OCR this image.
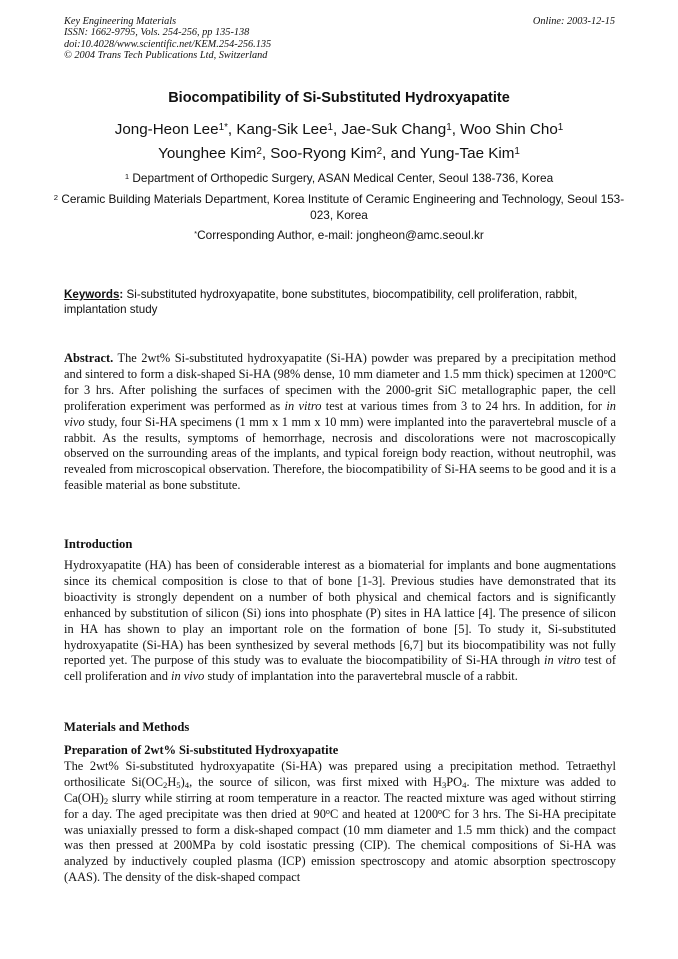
Key Engineering Materials
ISSN: 1662-9795, Vols. 254-256, pp 135-138
doi:10.4028/www.scientific.net/KEM.254-256.135
© 2004 Trans Tech Publications Ltd, Switzerland
Online: 2003-12-15
Biocompatibility of Si-Substituted Hydroxyapatite
Jong-Heon Lee$^{1*}$, Kang-Sik Lee$^1$, Jae-Suk Chang$^1$, Woo Shin Cho$^1$
Younghee Kim$^2$, Soo-Ryong Kim$^2$, and Yung-Tae Kim$^1$
$^1$ Department of Orthopedic Surgery, ASAN Medical Center, Seoul 138-736, Korea
$^2$ Ceramic Building Materials Department, Korea Institute of Ceramic Engineering and Technology, Seoul 153-023, Korea
*Corresponding Author, e-mail: jongheon@amc.seoul.kr
Keywords: Si-substituted hydroxyapatite, bone substitutes, biocompatibility, cell proliferation, rabbit, implantation study
Abstract. The 2wt% Si-substituted hydroxyapatite (Si-HA) powder was prepared by a precipitation method and sintered to form a disk-shaped Si-HA (98% dense, 10 mm diameter and 1.5 mm thick) specimen at 1200$^o$C for 3 hrs. After polishing the surfaces of specimen with the 2000-grit SiC metallographic paper, the cell proliferation experiment was performed as in vitro test at various times from 3 to 24 hrs. In addition, for in vivo study, four Si-HA specimens (1 mm x 1 mm x 10 mm) were implanted into the paravertebral muscle of a rabbit. As the results, symptoms of hemorrhage, necrosis and discolorations were not macroscopically observed on the surrounding areas of the implants, and typical foreign body reaction, without neutrophil, was revealed from microscopical observation. Therefore, the biocompatibility of Si-HA seems to be good and it is a feasible material as bone substitute.
Introduction
Hydroxyapatite (HA) has been of considerable interest as a biomaterial for implants and bone augmentations since its chemical composition is close to that of bone [1-3]. Previous studies have demonstrated that its bioactivity is strongly dependent on a number of both physical and chemical factors and is significantly enhanced by substitution of silicon (Si) ions into phosphate (P) sites in HA lattice [4]. The presence of silicon in HA has shown to play an important role on the formation of bone [5]. To study it, Si-substituted hydroxyapatite (Si-HA) has been synthesized by several methods [6,7] but its biocompatibility was not fully reported yet. The purpose of this study was to evaluate the biocompatibility of Si-HA through in vitro test of cell proliferation and in vivo study of implantation into the paravertebral muscle of a rabbit.
Materials and Methods
Preparation of 2wt% Si-substituted Hydroxyapatite
The 2wt% Si-substituted hydroxyapatite (Si-HA) was prepared using a precipitation method. Tetraethyl orthosilicate $Si(OC_2H_5)_4$, the source of silicon, was first mixed with $H_3PO_4$. The mixture was added to $Ca(OH)_2$ slurry while stirring at room temperature in a reactor. The reacted mixture was aged without stirring for a day. The aged precipitate was then dried at 90$^o$C and heated at 1200$^o$C for 3 hrs. The Si-HA precipitate was uniaxially pressed to form a disk-shaped compact (10 mm diameter and 1.5 mm thick) and the compact was then pressed at 200MPa by cold isostatic pressing (CIP). The chemical compositions of Si-HA was analyzed by inductively coupled plasma (ICP) emission spectroscopy and atomic absorption spectroscopy (AAS). The density of the disk-shaped compact
